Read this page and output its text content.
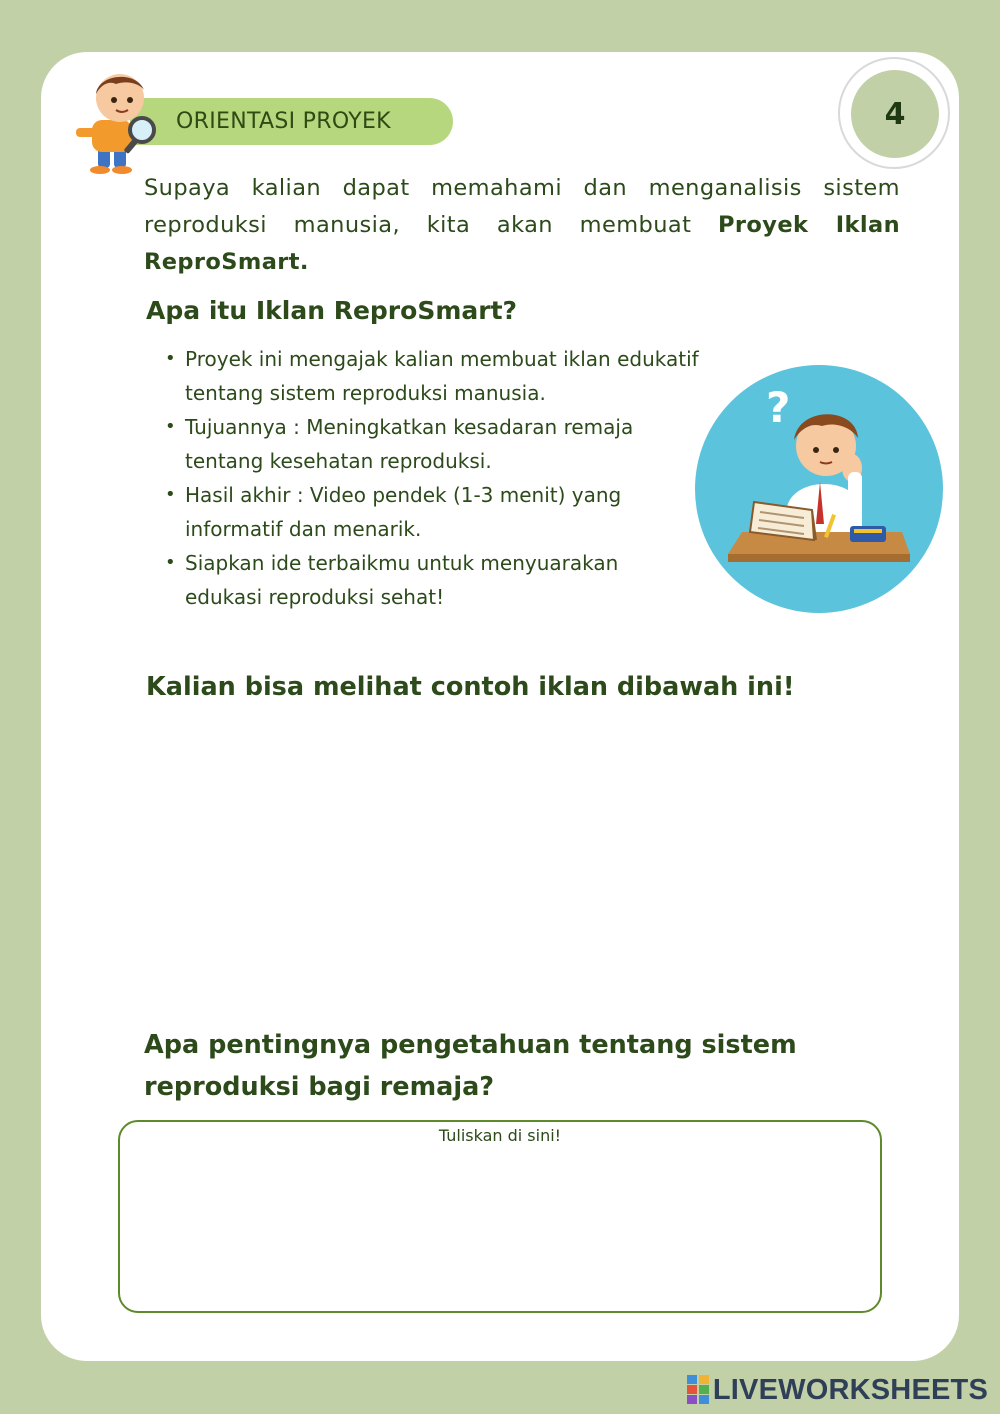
4
ORIENTASI PROYEK

Supaya kalian dapat memahami dan menganalisis sistem reproduksi manusia, kita akan membuat Proyek Iklan ReproSmart.

Apa itu Iklan ReproSmart?
• Proyek ini mengajak kalian membuat iklan edukatif tentang sistem reproduksi manusia.
• Tujuannya : Meningkatkan kesadaran remaja tentang kesehatan reproduksi.
• Hasil akhir : Video pendek (1-3 menit) yang informatif dan menarik.
• Siapkan ide terbaikmu untuk menyuarakan edukasi reproduksi sehat!
?
Kalian bisa melihat contoh iklan dibawah ini!
Apa pentingnya pengetahuan tentang sistem reproduksi bagi remaja?
Tuliskan di sini!
LIVEWORKSHEETS
